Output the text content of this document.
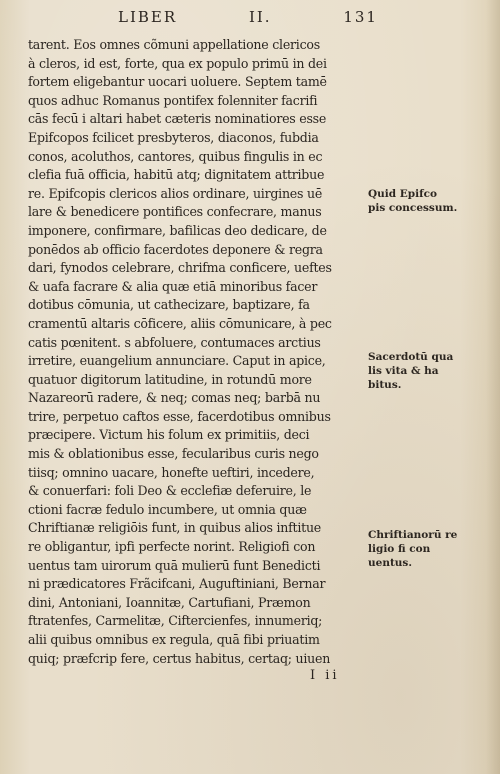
LIBER	II.	131
tarent. Eos omnes cõmuni appellatione clericos
à cleros, id est, forte, qua ex populo primū in dei
fortem eligebantur uocari uoluere. Septem tamē
quos adhuc Romanus pontifex folenniter facrifi
cās fecū i altari habet cæteris nominatiores esse
Epifcopos fcilicet presbyteros, diaconos, fubdia
conos, acoluthos, cantores, quibus fingulis in ec
clefia fuā officia, habitū atq; dignitatem attribue
re. Epifcopis clericos alios ordinare, uirgines uē
lare & benedicere pontifices confecrare, manus
imponere, confirmare, bafilicas deo dedicare, de
ponēdos ab officio facerdotes deponere & regra
dari, fynodos celebrare, chrifma conficere, ueftes
& uafa facrare & alia quæ etiā minoribus facer
dotibus cōmunia, ut cathecizare, baptizare, fa
cramentū altaris cōficere, aliis cōmunicare, à pec
catis pœnitent. s abfoluere, contumaces arctius
irretire, euangelium annunciare. Caput in apice,
quatuor digitorum latitudine, in rotundū more
Nazareorū radere, & neq; comas neq; barbā nu
trire, perpetuo caftos esse, facerdotibus omnibus
præcipere. Victum his folum ex primitiis, deci
mis & oblationibus esse, fecularibus curis nego
tiisq; omnino uacare, honefte ueftiri, incedere,
& conuerfari: foli Deo & ecclefiæ deferuire, le
ctioni facræ fedulo incumbere, ut omnia quæ
Chriftianæ religiōis funt, in quibus alios inftitue
re obligantur, ipfi perfecte norint. Religiofi con
uentus tam uirorum quā mulierū funt Benedicti
ni prædicatores Frãcifcani, Auguftiniani, Bernar
dini, Antoniani, Ioannitæ, Cartufiani, Præmon
ftratenfes, Carmelitæ, Ciftercienfes, innumeriq;
alii quibus omnibus ex regula, quā fibi priuatim
quiq; præfcrip fere, certus habitus, certaq; uiuen
Quid Epifco
pis concessum.
Sacerdotū qua
lis vita & ha
bitus.
Chriftianorū re
ligio fi con
uentus.
I ii
